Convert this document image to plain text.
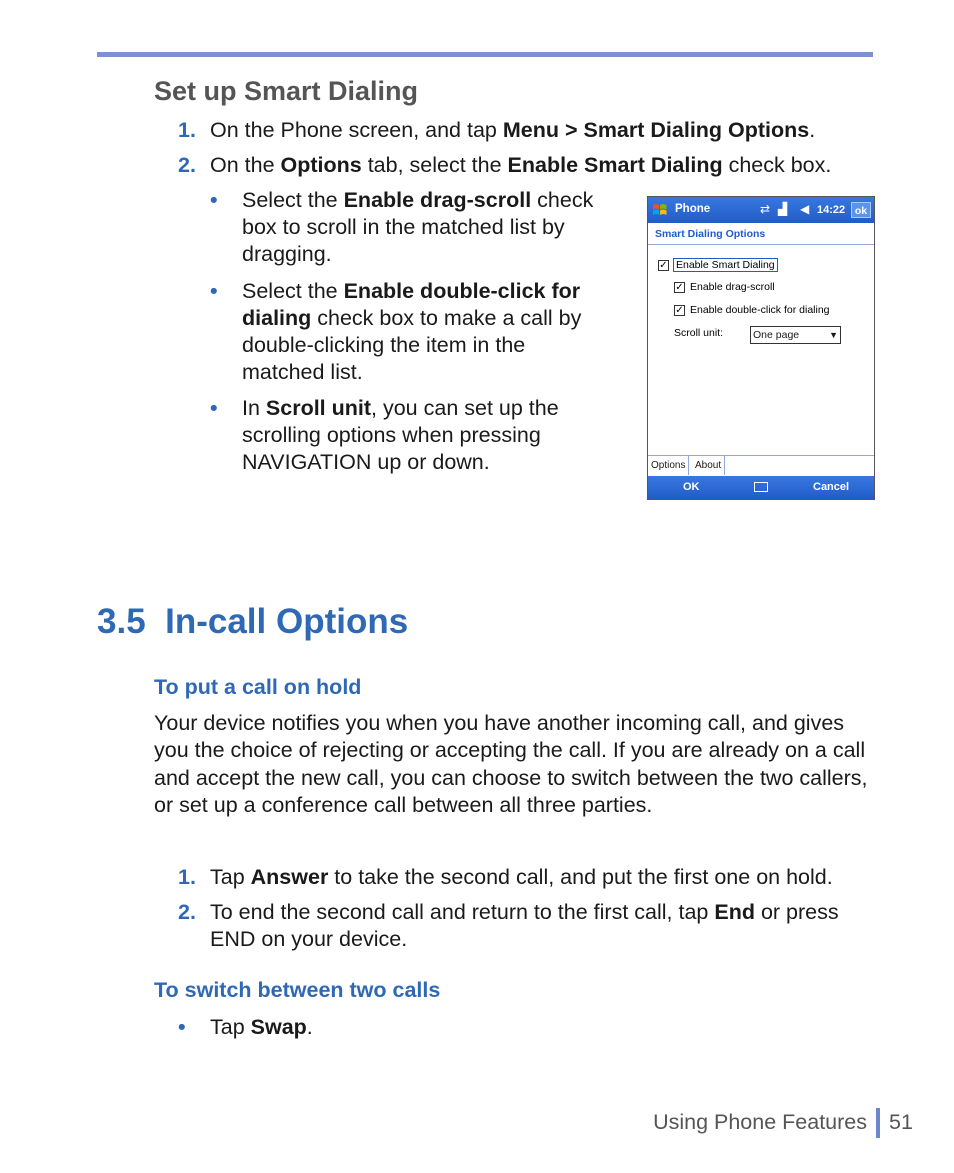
Set up Smart Dialing
1. On the Phone screen, and tap Menu > Smart Dialing Options.
2. On the Options tab, select the Enable Smart Dialing check box.
• Select the Enable drag-scroll check box to scroll in the matched list by dragging.
• Select the Enable double-click for dialing check box to make a call by double-clicking the item in the matched list.
• In Scroll unit, you can set up the scrolling options when pressing NAVIGATION up or down.
Phone	⇄ ▟ ◀ 14:22 ok
Smart Dialing Options
✓ Enable Smart Dialing
✓ Enable drag-scroll
✓ Enable double-click for dialing
Scroll unit:	One page	▼
Options About
OK	Cancel
3.5  In-call Options
To put a call on hold
Your device notifies you when you have another incoming call, and gives you the choice of rejecting or accepting the call. If you are already on a call and accept the new call, you can choose to switch between the two callers, or set up a conference call between all three parties.
1. Tap Answer to take the second call, and put the first one on hold.
2. To end the second call and return to the first call, tap End or press END on your device.
To switch between two calls
• Tap Swap.
Using Phone Features 51
